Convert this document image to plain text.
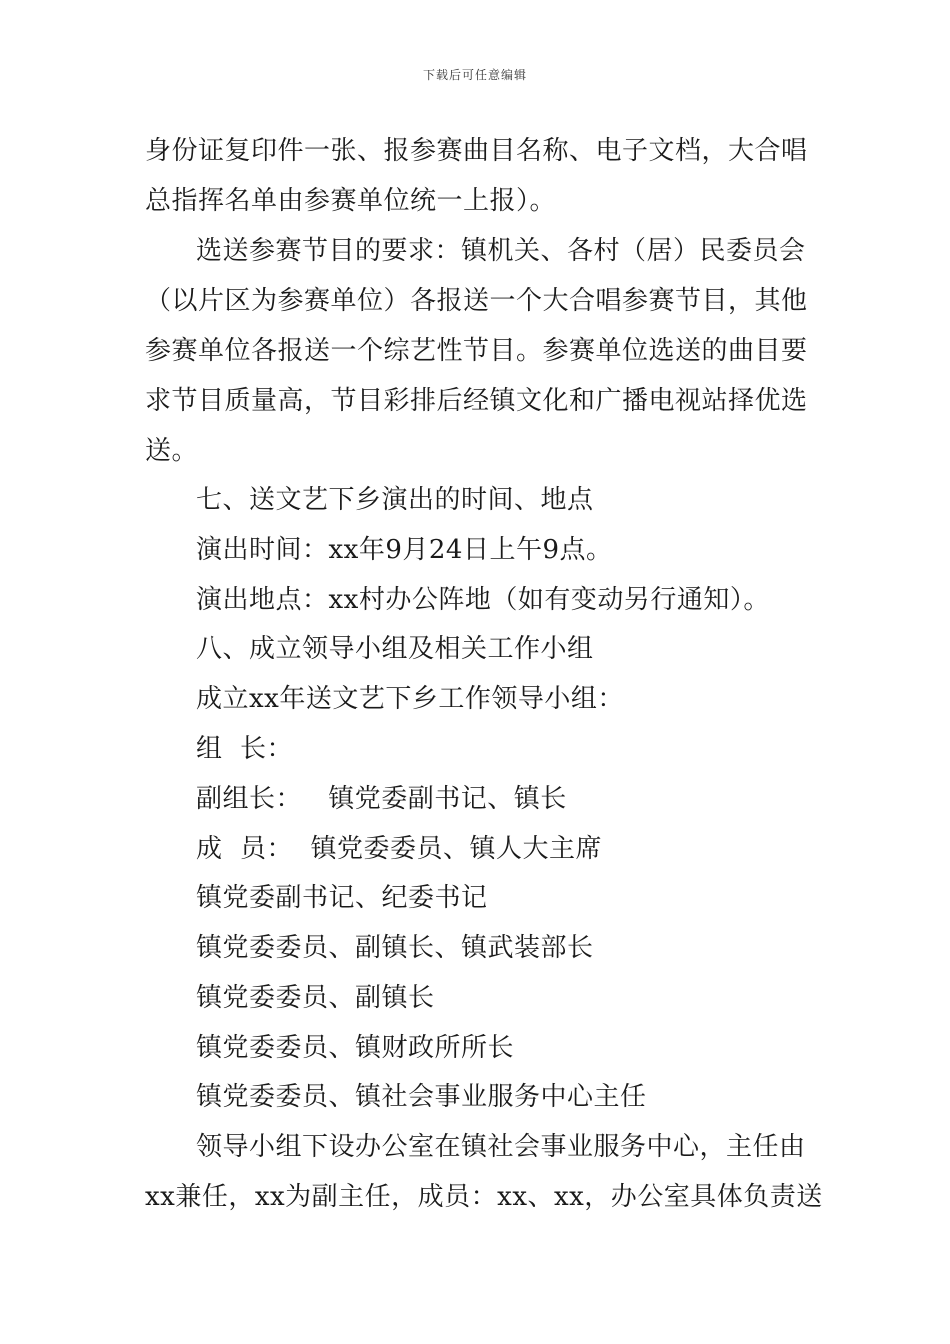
下载后可任意编辑
身份证复印件一张、报参赛曲目名称、电子文档，大合唱
总指挥名单由参赛单位统一上报）。
选送参赛节目的要求：镇机关、各村（居）民委员会
（以片区为参赛单位）各报送一个大合唱参赛节目，其他
参赛单位各报送一个综艺性节目。参赛单位选送的曲目要
求节目质量高，节目彩排后经镇文化和广播电视站择优选
送。
七、送文艺下乡演出的时间、地点
演出时间：xx年9月24日上午9点。
演出地点：xx村办公阵地（如有变动另行通知）。
八、成立领导小组及相关工作小组
成立xx年送文艺下乡工作领导小组：
组  长：
副组长：   镇党委副书记、镇长
成  员：  镇党委委员、镇人大主席
镇党委副书记、纪委书记
镇党委委员、副镇长、镇武装部长
镇党委委员、副镇长
镇党委委员、镇财政所所长
镇党委委员、镇社会事业服务中心主任
领导小组下设办公室在镇社会事业服务中心，主任由
xx兼任，xx为副主任，成员：xx、xx，办公室具体负责送
